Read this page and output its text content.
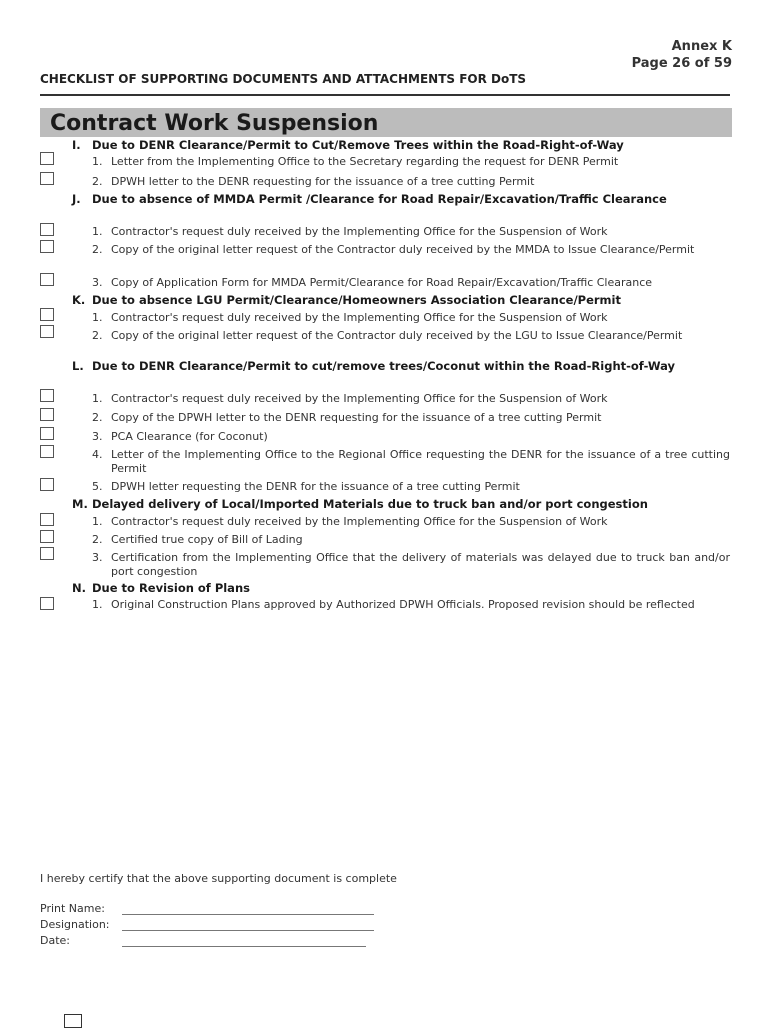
Annex K
Page 26 of 59
CHECKLIST OF SUPPORTING DOCUMENTS AND ATTACHMENTS FOR DoTS
Contract Work Suspension
I. Due to DENR Clearance/Permit to Cut/Remove Trees within the Road-Right-of-Way
1. Letter from the Implementing Office to the Secretary regarding the request for DENR Permit
2. DPWH letter to the DENR requesting for the issuance of a tree cutting Permit
J. Due to absence of MMDA Permit /Clearance for Road Repair/Excavation/Traffic Clearance
1. Contractor's request duly received by the Implementing Office for the Suspension of Work
2. Copy of the original letter request of the Contractor duly received by the MMDA to Issue Clearance/Permit
3. Copy of Application Form for MMDA Permit/Clearance for Road Repair/Excavation/Traffic Clearance
K. Due to absence LGU Permit/Clearance/Homeowners Association Clearance/Permit
1. Contractor's request duly received by the Implementing Office for the Suspension of Work
2. Copy of the original letter request of the Contractor duly received by the LGU to Issue Clearance/Permit
L. Due to DENR Clearance/Permit to cut/remove trees/Coconut within the Road-Right-of-Way
1. Contractor's request duly received by the Implementing Office for the Suspension of Work
2. Copy of the DPWH letter to the DENR requesting for the issuance of a tree cutting Permit
3. PCA Clearance (for Coconut)
4. Letter of the Implementing Office to the Regional Office requesting the DENR for the issuance of a tree cutting Permit
5. DPWH letter requesting the DENR for the issuance of a tree cutting Permit
M. Delayed delivery of Local/Imported Materials due to truck ban and/or port congestion
1. Contractor's request duly received by the Implementing Office for the Suspension of Work
2. Certified true copy of Bill of Lading
3. Certification from the Implementing Office that the delivery of materials was delayed due to truck ban and/or port congestion
N. Due to Revision of Plans
1. Original Construction Plans approved by Authorized DPWH Officials. Proposed revision should be reflected
I hereby certify that the above supporting document is complete
Print Name:
Designation:
Date:
